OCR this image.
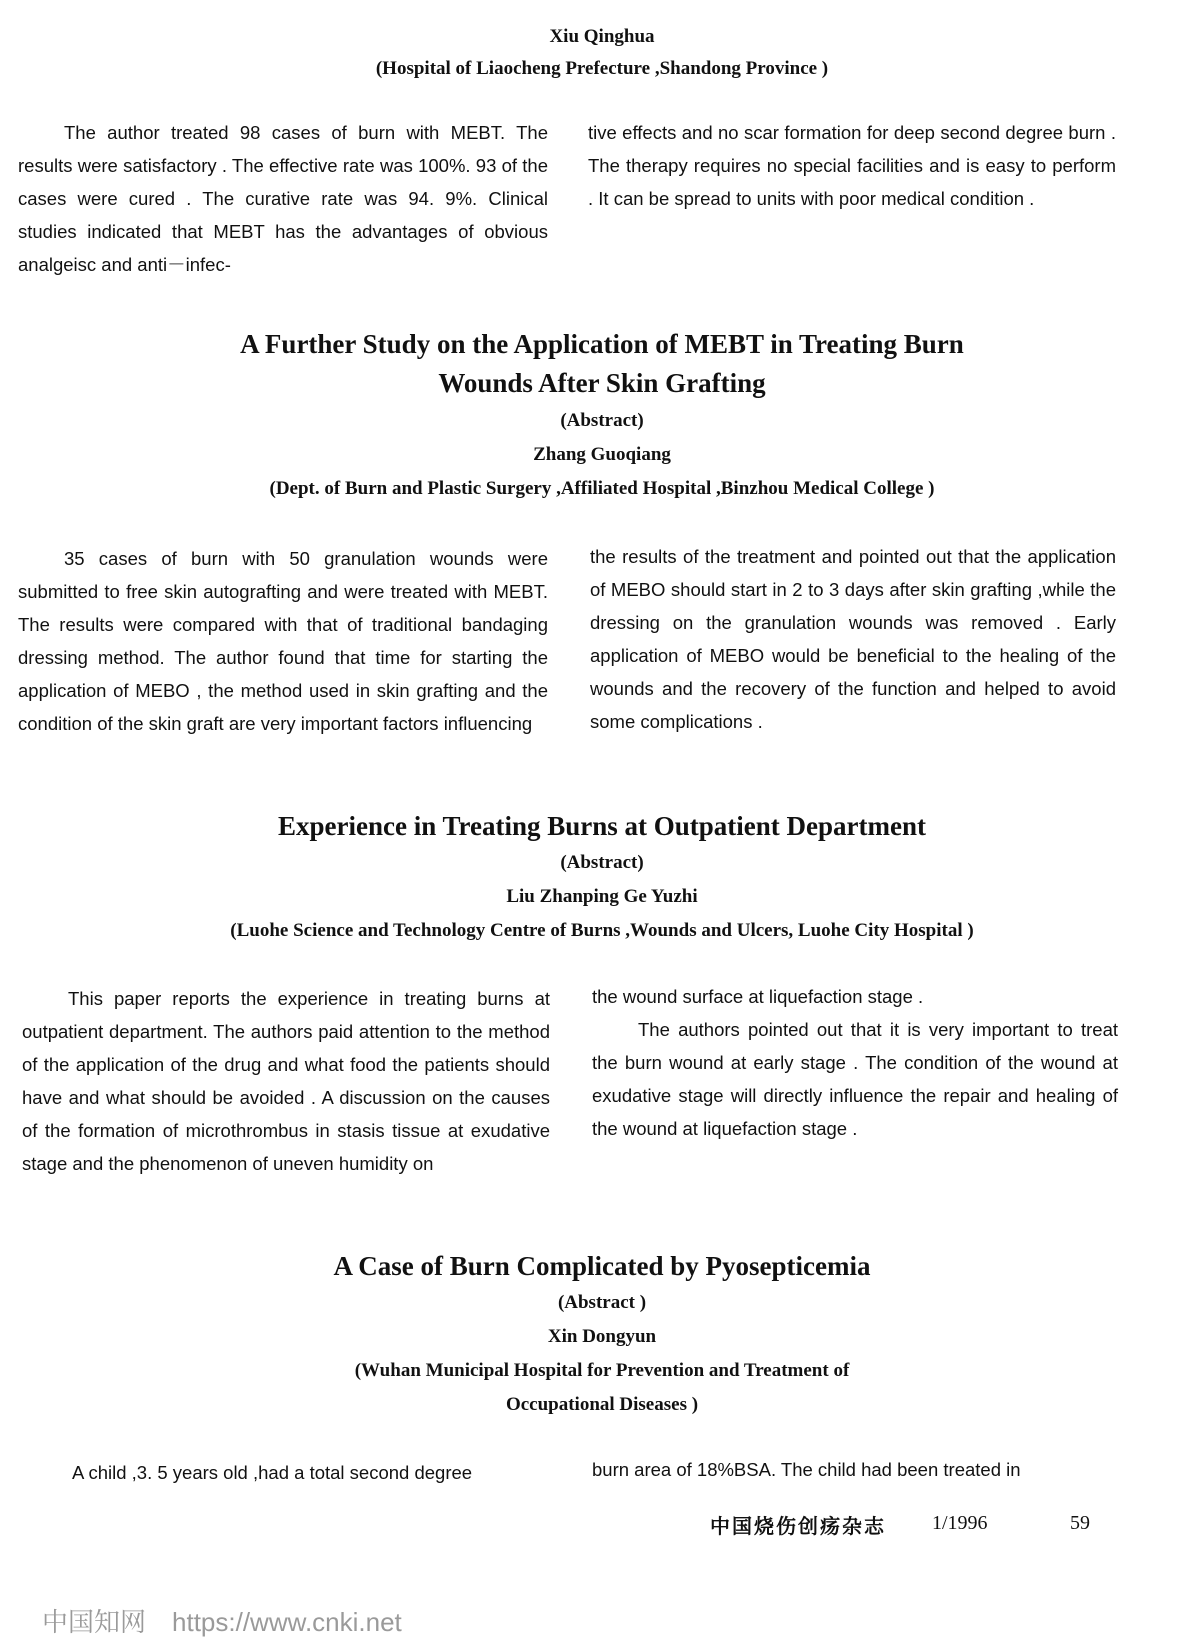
Xiu Qinghua
(Hospital of Liaocheng Prefecture ,Shandong Province )

The author treated 98 cases of burn with MEBT. The results were satisfactory . The effective rate was 100%. 93 of the cases were cured . The curative rate was 94. 9%. Clinical studies indicated that MEBT has the advantages of obvious analgeisc and anti－infec-

tive effects and no scar formation for deep second degree burn . The therapy requires no special facilities and is easy to perform . It can be spread to units with poor medical condition .

A Further Study on the Application of MEBT in Treating Burn
Wounds After Skin Grafting
(Abstract)
Zhang Guoqiang
(Dept. of Burn and Plastic Surgery ,Affiliated Hospital ,Binzhou Medical College )

35 cases of burn with 50 granulation wounds were submitted to free skin autografting and were treated with MEBT. The results were compared with that of traditional bandaging dressing method. The author found that time for starting the application of MEBO , the method used in skin grafting and the condition of the skin graft are very important factors influencing

the results of the treatment and pointed out that the application of MEBO should start in 2 to 3 days after skin grafting ,while the dressing on the granulation wounds was removed . Early application of MEBO would be beneficial to the healing of the wounds and the recovery of the function and helped to avoid some complications .

Experience in Treating Burns at Outpatient Department
(Abstract)
Liu Zhanping Ge Yuzhi
(Luohe Science and Technology Centre of Burns ,Wounds and Ulcers, Luohe City Hospital )

This paper reports the experience in treating burns at outpatient department. The authors paid attention to the method of the application of the drug and what food the patients should have and what should be avoided . A discussion on the causes of the formation of microthrombus in stasis tissue at exudative stage and the phenomenon of uneven humidity on

the wound surface at liquefaction stage .

The authors pointed out that it is very important to treat the burn wound at early stage . The condition of the wound at exudative stage will directly influence the repair and healing of the wound at liquefaction stage .

A Case of Burn Complicated by Pyosepticemia
(Abstract )
Xin Dongyun
(Wuhan Municipal Hospital for Prevention and Treatment of
Occupational Diseases )

A child ,3. 5 years old ,had a total second degree	burn area of 18%BSA. The child had been treated in

中国烧伤创疡杂志 1/1996	59
中国知网 https://www.cnki.net
